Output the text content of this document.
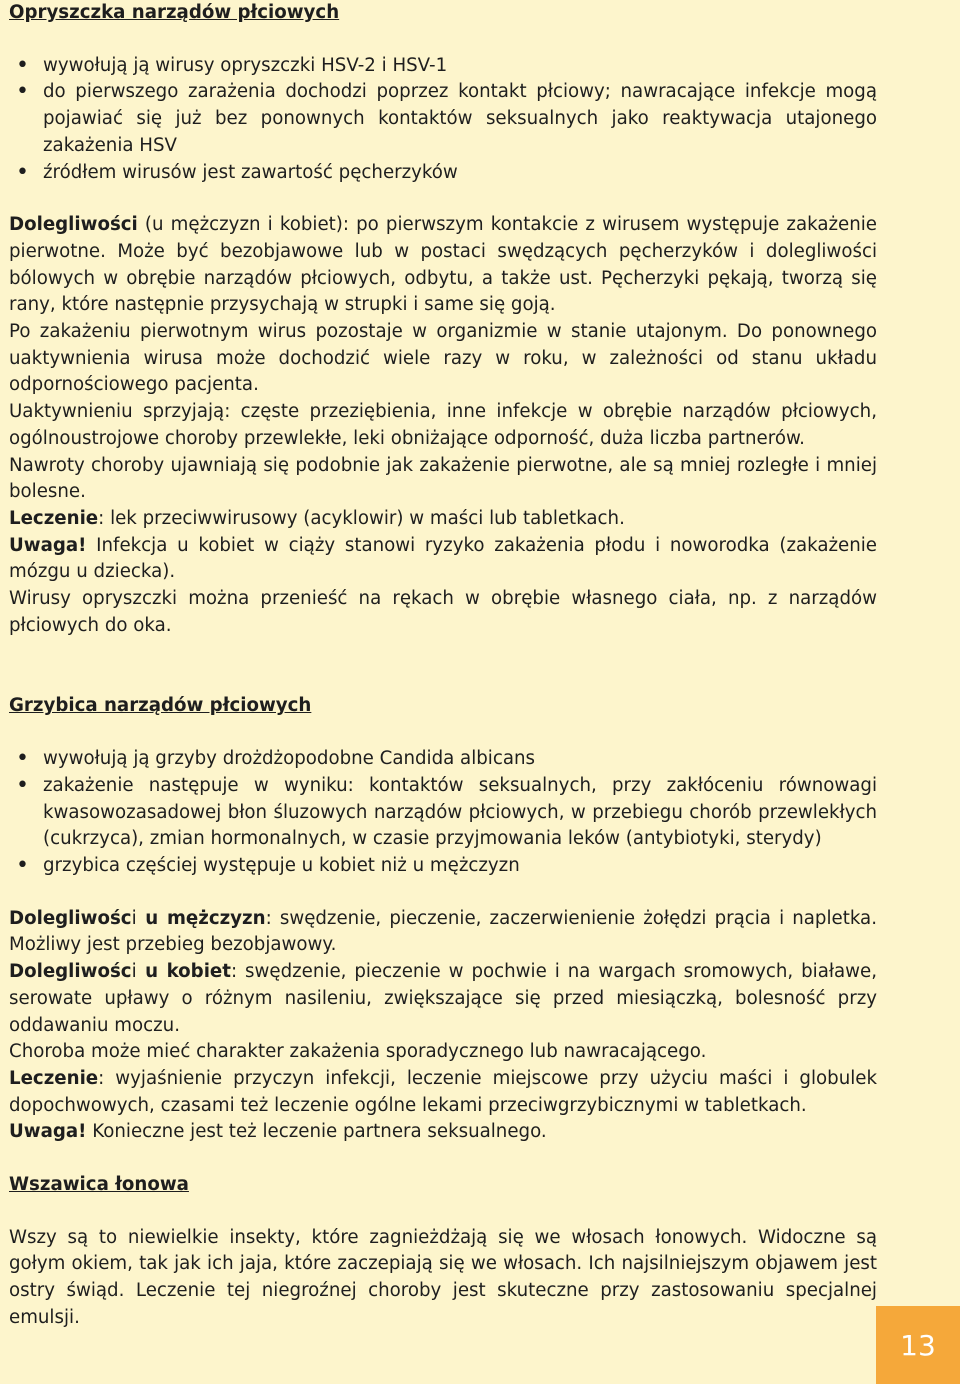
Opryszczka narządów płciowych

• wywołują ją wirusy opryszczki HSV-2 i HSV-1
• do pierwszego zarażenia dochodzi poprzez kontakt płciowy; nawracające infekcje mogą pojawiać się już bez ponownych kontaktów seksualnych jako reaktywacja utajonego zakażenia HSV
• źródłem wirusów jest zawartość pęcherzyków

Dolegliwości (u mężczyzn i kobiet): po pierwszym kontakcie z wirusem występuje zakażenie pierwotne. Może być bezobjawowe lub w postaci swędzących pęcherzyków i dolegliwości bólowych w obrębie narządów płciowych, odbytu, a także ust. Pęcherzyki pękają, tworzą się rany, które następnie przysychają w strupki i same się goją.

Po zakażeniu pierwotnym wirus pozostaje w organizmie w stanie utajonym. Do ponownego uaktywnienia wirusa może dochodzić wiele razy w roku, w zależności od stanu układu odpornościowego pacjenta.

Uaktywnieniu sprzyjają: częste przeziębienia, inne infekcje w obrębie narządów płciowych, ogólnoustrojowe choroby przewlekłe, leki obniżające odporność, duża liczba partnerów.

Nawroty choroby ujawniają się podobnie jak zakażenie pierwotne, ale są mniej rozległe i mniej bolesne.

Leczenie: lek przeciwwirusowy (acyklowir) w maści lub tabletkach.

Uwaga! Infekcja u kobiet w ciąży stanowi ryzyko zakażenia płodu i noworodka (zakażenie mózgu u dziecka).

Wirusy opryszczki można przenieść na rękach w obrębie własnego ciała, np. z narządów płciowych do oka.

Grzybica narządów płciowych

• wywołują ją grzyby drożdżopodobne Candida albicans
• zakażenie następuje w wyniku: kontaktów seksualnych, przy zakłóceniu równowagi kwasowozasadowej błon śluzowych narządów płciowych, w przebiegu chorób przewlekłych (cukrzyca), zmian hormonalnych, w czasie przyjmowania leków (antybiotyki, sterydy)
• grzybica częściej występuje u kobiet niż u mężczyzn

Dolegliwości u mężczyzn: swędzenie, pieczenie, zaczerwienienie żołędzi prącia i napletka. Możliwy jest przebieg bezobjawowy.

Dolegliwości u kobiet: swędzenie, pieczenie w pochwie i na wargach sromowych, białawe, serowate upławy o różnym nasileniu, zwiększające się przed miesiączką, bolesność przy oddawaniu moczu.

Choroba może mieć charakter zakażenia sporadycznego lub nawracającego.

Leczenie: wyjaśnienie przyczyn infekcji, leczenie miejscowe przy użyciu maści i globulek dopochwowych, czasami też leczenie ogólne lekami przeciwgrzybicznymi w tabletkach.

Uwaga! Konieczne jest też leczenie partnera seksualnego.

Wszawica łonowa

Wszy są to niewielkie insekty, które zagnieżdżają się we włosach łonowych. Widoczne są gołym okiem, tak jak ich jaja, które zaczepiają się we włosach. Ich najsilniejszym objawem jest ostry świąd. Leczenie tej niegroźnej choroby jest skuteczne przy zastosowaniu specjalnej emulsji.

13
